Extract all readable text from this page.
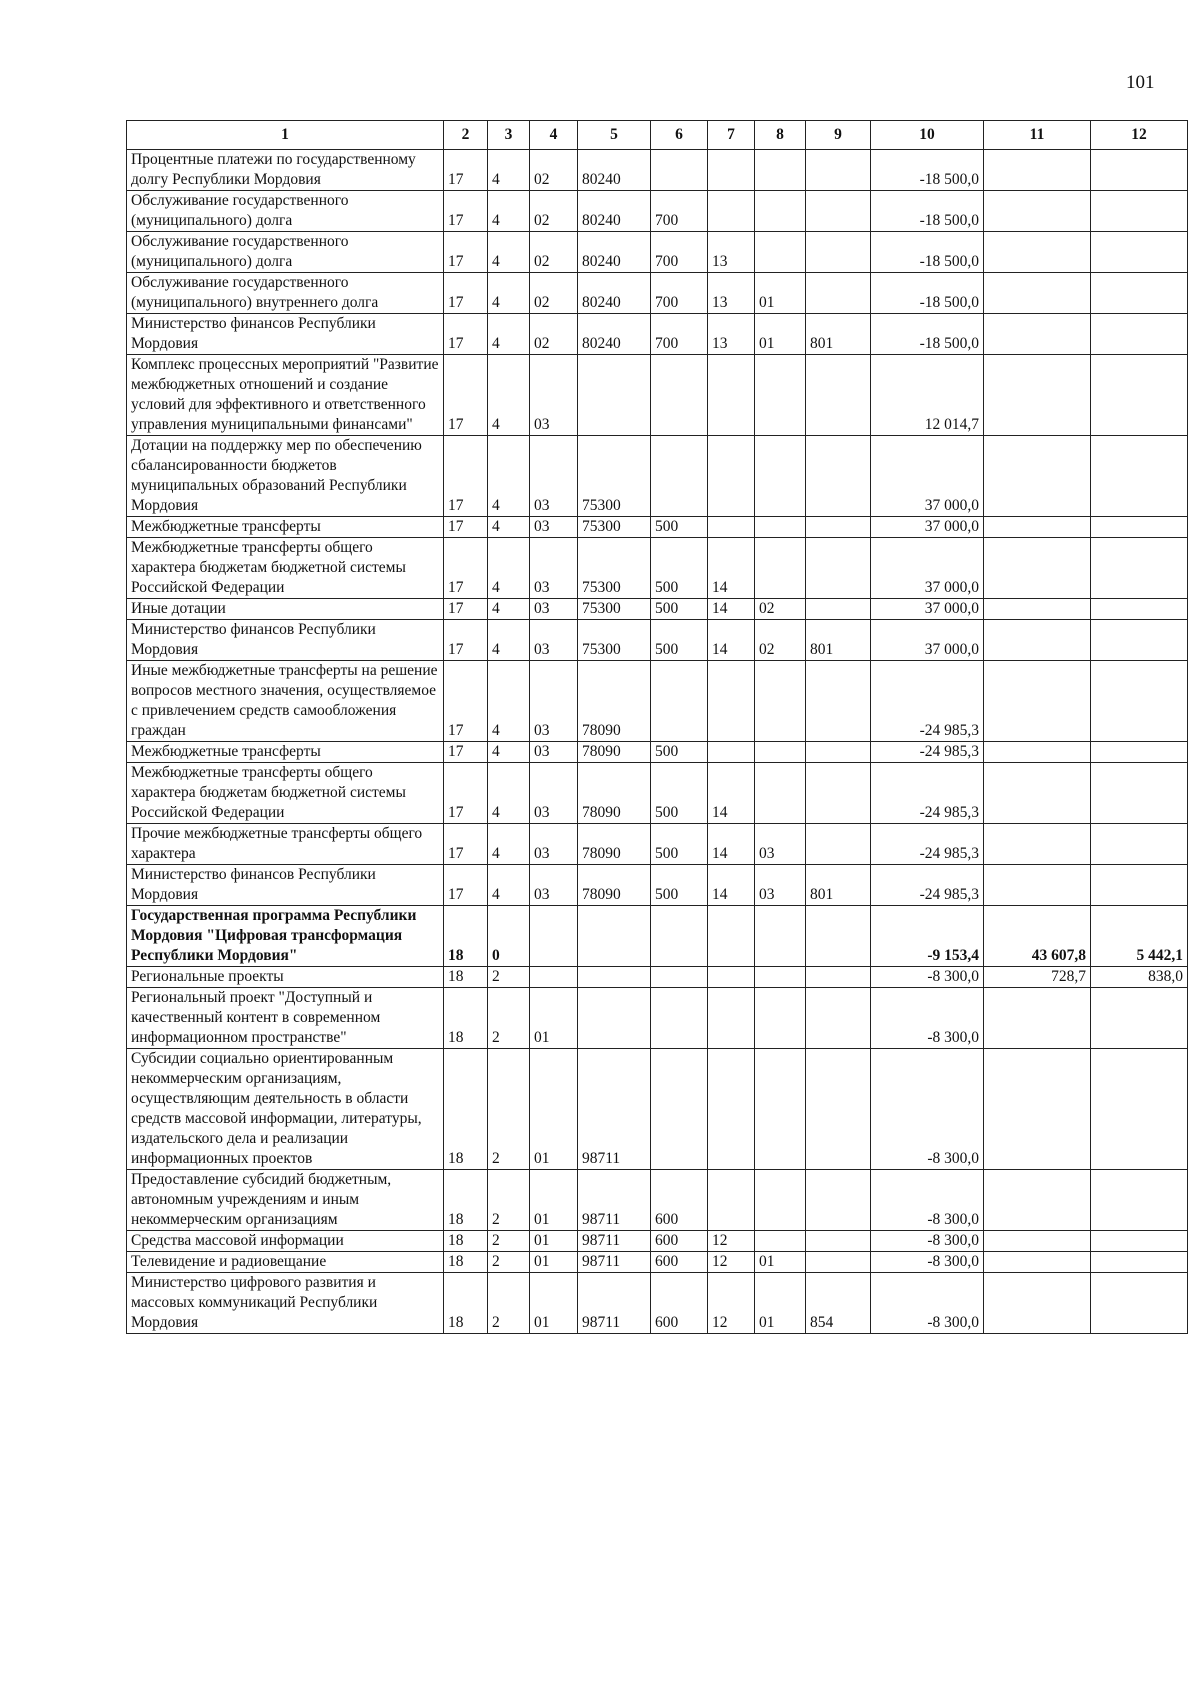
101
1	2	3	4	5	6	7	8	9	10	11	12
Процентные платежи по государственному долгу Республики Мордовия	17	4	02	80240					-18 500,0		
Обслуживание государственного (муниципального) долга	17	4	02	80240	700				-18 500,0		
Обслуживание государственного (муниципального) долга	17	4	02	80240	700	13			-18 500,0		
Обслуживание государственного (муниципального) внутреннего долга	17	4	02	80240	700	13	01		-18 500,0		
Министерство финансов Республики Мордовия	17	4	02	80240	700	13	01	801	-18 500,0		
Комплекс процессных мероприятий "Развитие межбюджетных отношений и создание условий для эффективного и ответственного управления муниципальными финансами"	17	4	03						12 014,7		
Дотации на поддержку мер по обеспечению сбалансированности бюджетов муниципальных образований Республики Мордовия	17	4	03	75300					37 000,0		
Межбюджетные трансферты	17	4	03	75300	500				37 000,0		
Межбюджетные трансферты общего характера бюджетам бюджетной системы Российской Федерации	17	4	03	75300	500	14			37 000,0		
Иные дотации	17	4	03	75300	500	14	02		37 000,0		
Министерство финансов Республики Мордовия	17	4	03	75300	500	14	02	801	37 000,0		
Иные межбюджетные трансферты на решение вопросов местного значения, осуществляемое с привлечением средств самообложения граждан	17	4	03	78090					-24 985,3		
Межбюджетные трансферты	17	4	03	78090	500				-24 985,3		
Межбюджетные трансферты общего характера бюджетам бюджетной системы Российской Федерации	17	4	03	78090	500	14			-24 985,3		
Прочие межбюджетные трансферты общего характера	17	4	03	78090	500	14	03		-24 985,3		
Министерство финансов Республики Мордовия	17	4	03	78090	500	14	03	801	-24 985,3		
Государственная программа Республики Мордовия "Цифровая трансформация Республики Мордовия"	18	0							-9 153,4	43 607,8	5 442,1
Региональные проекты	18	2							-8 300,0	728,7	838,0
Региональный проект "Доступный и качественный контент в современном информационном пространстве"	18	2	01						-8 300,0		
Субсидии социально ориентированным некоммерческим организациям, осуществляющим деятельность в области средств массовой информации, литературы, издательского дела и реализации информационных проектов	18	2	01	98711					-8 300,0		
Предоставление субсидий бюджетным, автономным учреждениям и иным некоммерческим организациям	18	2	01	98711	600				-8 300,0		
Средства массовой информации	18	2	01	98711	600	12			-8 300,0		
Телевидение и радиовещание	18	2	01	98711	600	12	01		-8 300,0		
Министерство цифрового развития и массовых коммуникаций Республики Мордовия	18	2	01	98711	600	12	01	854	-8 300,0		
